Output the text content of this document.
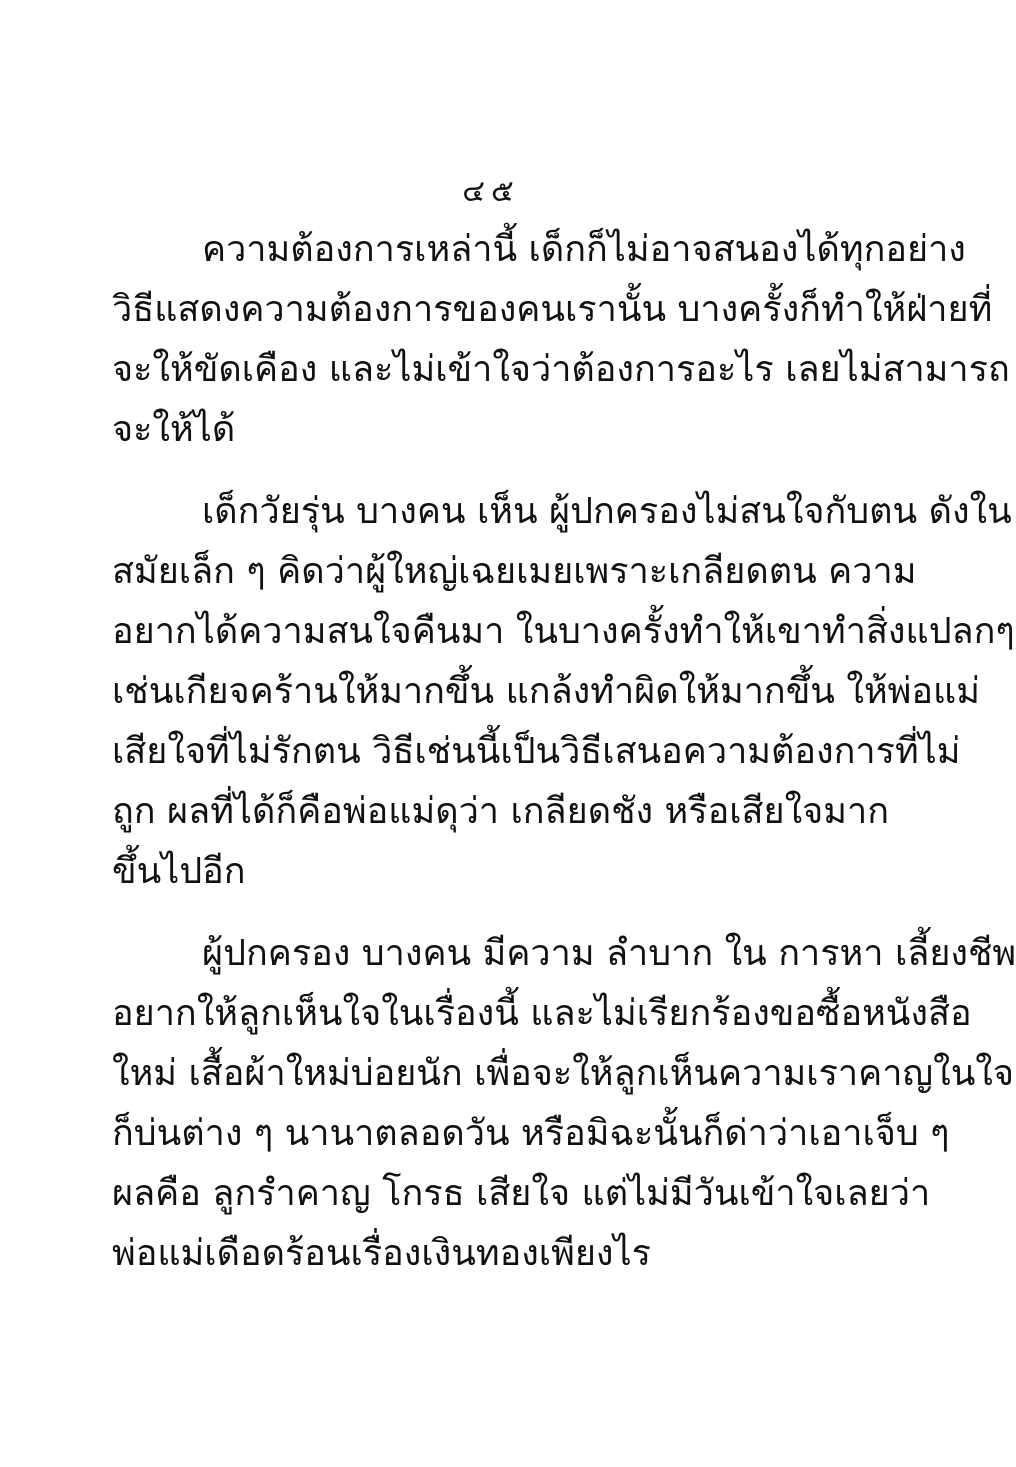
๔๕
ความต้องการเหล่านี้ เด็กก็ไม่อาจสนองได้ทุกอย่าง
วิธีแสดงความต้องการของคนเรานั้น บางครั้งก็ทำให้ฝ่ายที่
จะให้ขัดเคือง และไม่เข้าใจว่าต้องการอะไร เลยไม่สามารถ
จะให้ได้
เด็กวัยรุ่น บางคน เห็น ผู้ปกครองไม่สนใจกับตน ดังใน
สมัยเล็ก ๆ คิดว่าผู้ใหญ่เฉยเมยเพราะเกลียดตน ความ
อยากได้ความสนใจคืนมา ในบางครั้งทำให้เขาทำสิ่งแปลกๆ
เช่นเกียจคร้านให้มากขึ้น แกล้งทำผิดให้มากขึ้น ให้พ่อแม่
เสียใจที่ไม่รักตน วิธีเช่นนี้เป็นวิธีเสนอความต้องการที่ไม่
ถูก ผลที่ได้ก็คือพ่อแม่ดุว่า เกลียดชัง หรือเสียใจมาก
ขึ้นไปอีก
ผู้ปกครอง บางคน มีความ ลำบาก ใน การหา เลี้ยงชีพ
อยากให้ลูกเห็นใจในเรื่องนี้ และไม่เรียกร้องขอซื้อหนังสือ
ใหม่ เสื้อผ้าใหม่บ่อยนัก เพื่อจะให้ลูกเห็นความเราคาญในใจ
ก็บ่นต่าง ๆ นานาตลอดวัน หรือมิฉะนั้นก็ด่าว่าเอาเจ็บ ๆ
ผลคือ ลูกรำคาญ โกรธ เสียใจ แต่ไม่มีวันเข้าใจเลยว่า
พ่อแม่เดือดร้อนเรื่องเงินทองเพียงไร
